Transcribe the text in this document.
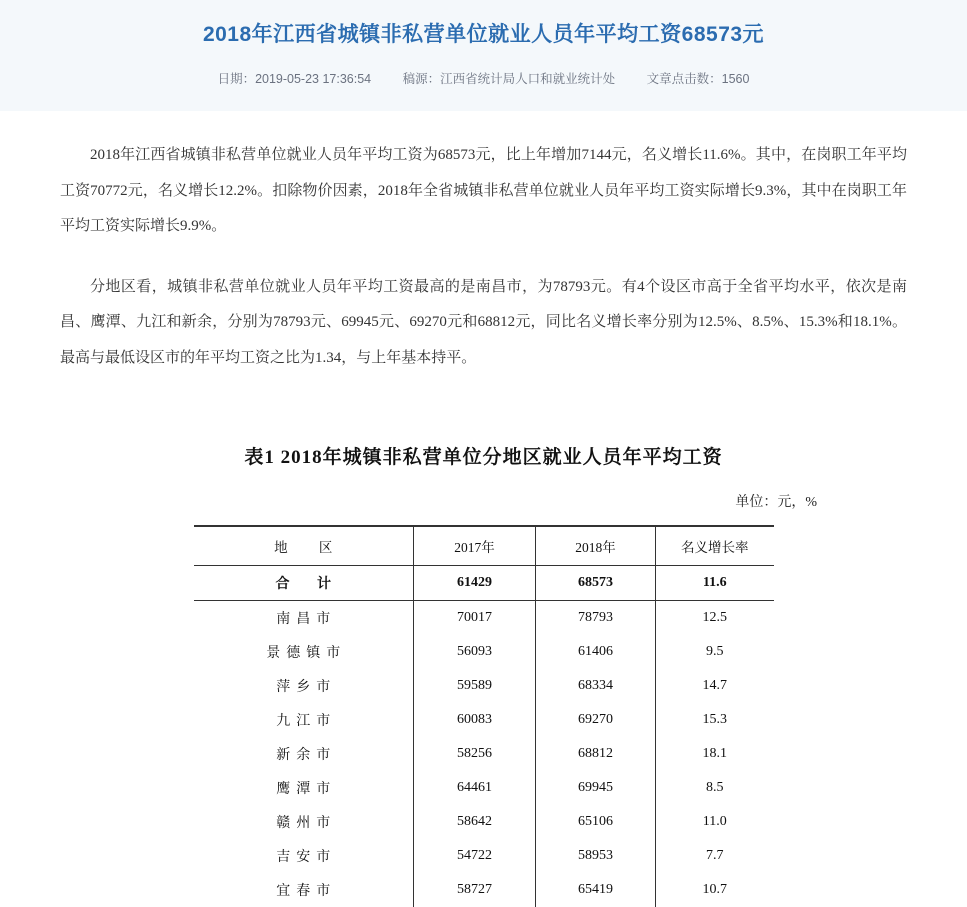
2018年江西省城镇非私营单位就业人员年平均工资68573元
日期：2019-05-23 17:36:54	稿源：江西省统计局人口和就业统计处	文章点击数：1560

2018年江西省城镇非私营单位就业人员年平均工资为68573元，比上年增加7144元，名义增长11.6%。其中，在岗职工年平均工资70772元，名义增长12.2%。扣除物价因素，2018年全省城镇非私营单位就业人员年平均工资实际增长9.3%，其中在岗职工年平均工资实际增长9.9%。

分地区看，城镇非私营单位就业人员年平均工资最高的是南昌市，为78793元。有4个设区市高于全省平均水平，依次是南昌、鹰潭、九江和新余，分别为78793元、69945元、69270元和68812元，同比名义增长率分别为12.5%、8.5%、15.3%和18.1%。最高与最低设区市的年平均工资之比为1.34，与上年基本持平。

表1 2018年城镇非私营单位分地区就业人员年平均工资
单位：元，%
地 区	2017年	2018年	名义增长率
合 计	61429	68573	11.6
南昌市	70017	78793	12.5
景德镇市	56093	61406	9.5
萍乡市	59589	68334	14.7
九江市	60083	69270	15.3
新余市	58256	68812	18.1
鹰潭市	64461	69945	8.5
赣州市	58642	65106	11.0
吉安市	54722	58953	7.7
宜春市	58727	65419	10.7
